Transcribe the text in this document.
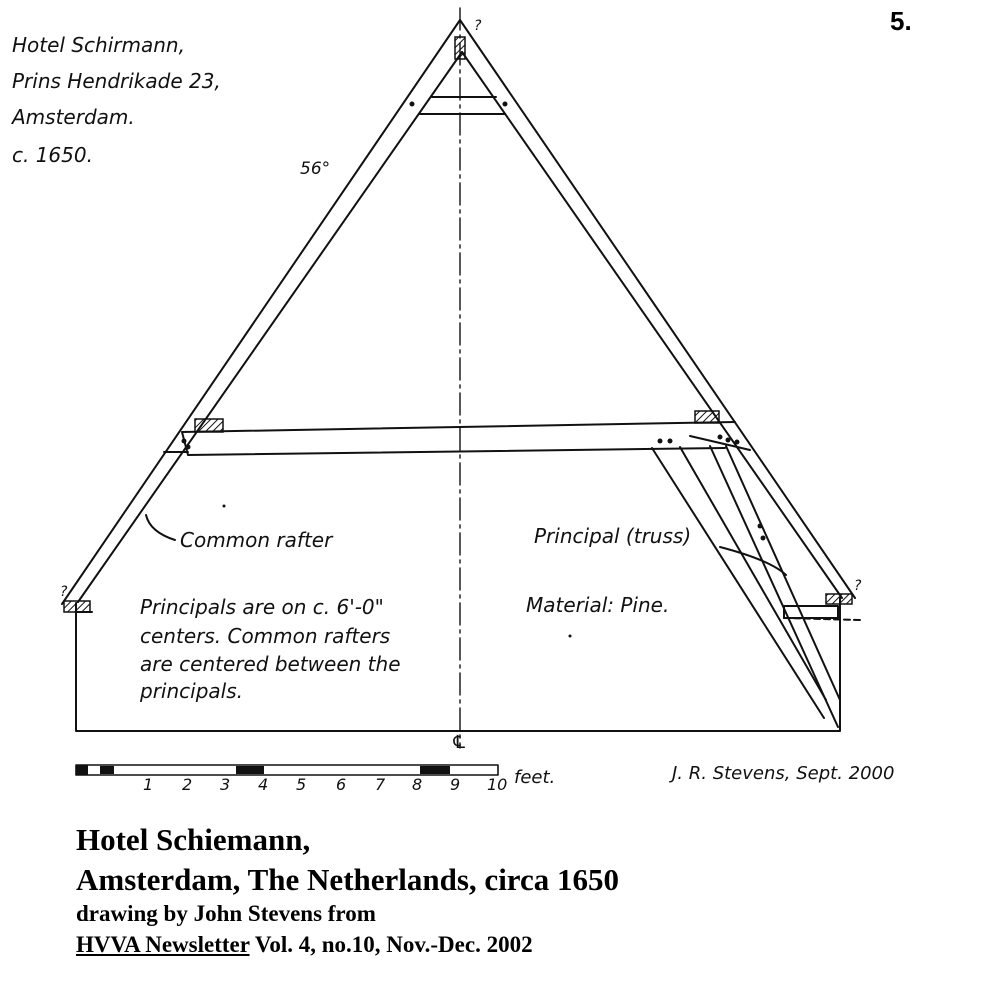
5.
Hotel Schirmann,
Prins Hendrikade 23,
Amsterdam.
c. 1650.
56°
?
?	?
Common rafter	Principal (truss)
Material: Pine.
Principals are on c. 6'-0"
centers. Common rafters
are centered between the
principals.
℄
1 2 3 4 5 6 7 8 9 10 feet.	J. R. Stevens, Sept. 2000

Hotel Schiemann,

Amsterdam, The Netherlands, circa 1650

drawing by John Stevens from

HVVA Newsletter Vol. 4, no.10, Nov.-Dec. 2002
